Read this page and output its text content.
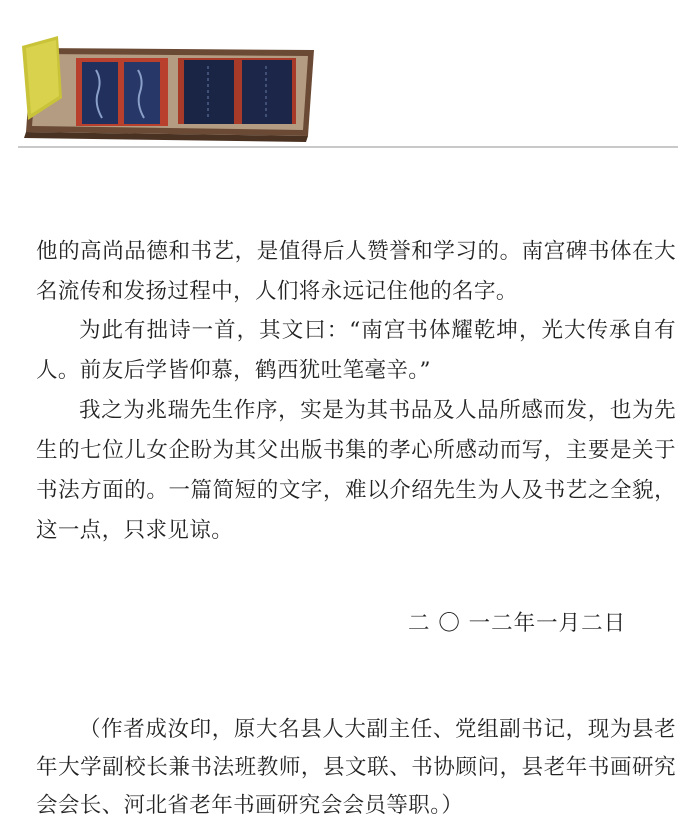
他的高尚品德和书艺，是值得后人赞誉和学习的。南宫碑书体在大名流传和发扬过程中，人们将永远记住他的名字。

为此有拙诗一首，其文曰：“南宫书体耀乾坤，光大传承自有人。前友后学皆仰慕，鹤西犹吐笔毫辛。”

我之为兆瑞先生作序，实是为其书品及人品所感而发，也为先生的七位儿女企盼为其父出版书集的孝心所感动而写，主要是关于书法方面的。一篇简短的文字，难以介绍先生为人及书艺之全貌，这一点，只求见谅。

二 〇 一二年一月二日
（作者成汝印，原大名县人大副主任、党组副书记，现为县老年大学副校长兼书法班教师，县文联、书协顾问，县老年书画研究会会长、河北省老年书画研究会会员等职。）
